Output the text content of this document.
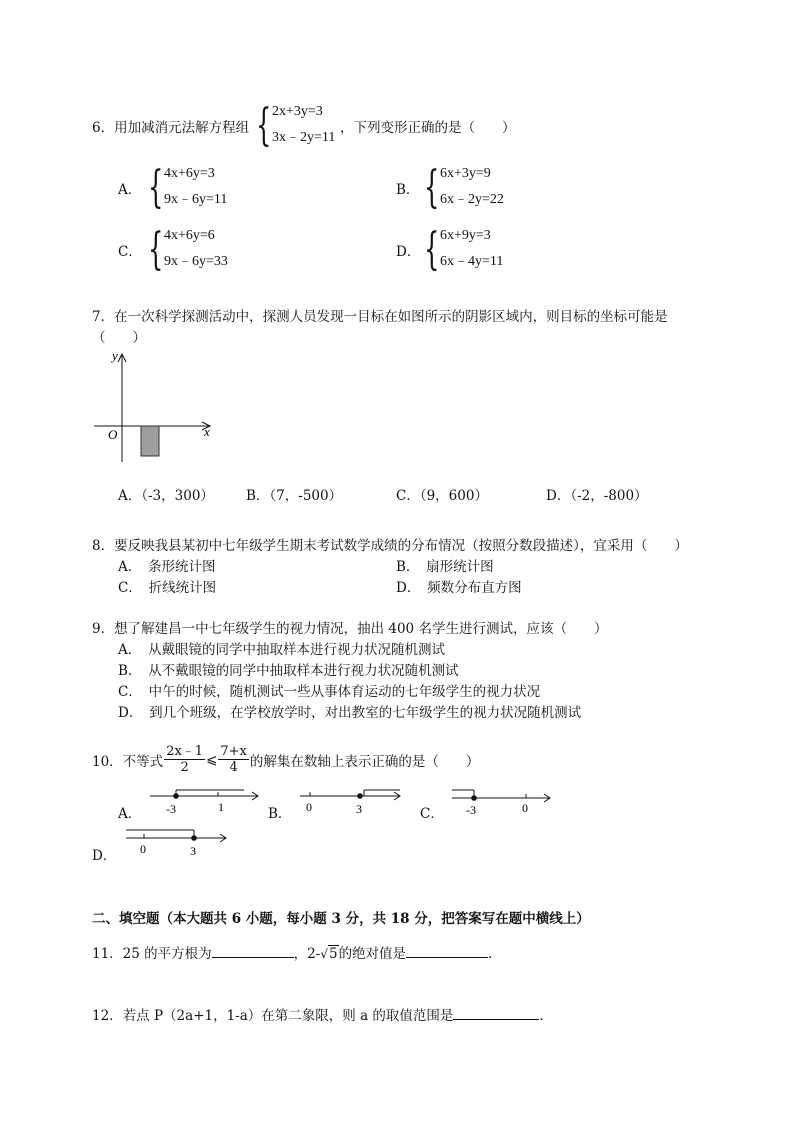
6．用加减消元法解方程组 { 2x+3y=3
3x﹣2y=11
，下列变形正确的是（　　）
A． { 4x+6y=3
9x﹣6y=11
B． { 6x+3y=9
6x﹣2y=22
C． { 4x+6y=6
9x﹣6y=33
D． { 6x+9y=3
6x﹣4y=11
7．在一次科学探测活动中，探测人员发现一目标在如图所示的阴影区域内，则目标的坐标可能是
（　　）
y
x
O
A．（-3，300） B．（7，-500）	C．（9，600）	D．（-2，-800）
8．要反映我县某初中七年级学生期末考试数学成绩的分布情况（按照分数段描述），宜采用（　　）
A．　 条形统计图	B．　 扇形统计图
C．　 折线统计图	D．　 频数分布直方图
9．想了解建昌一中七年级学生的视力情况，抽出 400 名学生进行测试，应该（　　）
A．　 从戴眼镜的同学中抽取样本进行视力状况随机测试
B．　 从不戴眼镜的同学中抽取样本进行视力状况随机测试
C．　 中午的时候，随机测试一些从事体育运动的七年级学生的视力状况
D．　 到几个班级，在学校放学时，对出教室的七年级学生的视力状况随机测试
10．不等式 $\frac{2x﹣1}{2}$ ⩽ $\frac{7+x}{4}$ 的解集在数轴上表示正确的是（　　）
A． -3	1	B． 0	3	C． -3	0
D． 0	3
二、填空题（本大题共 6 小题，每小题 3 分，共 18 分，把答案写在题中横线上）
11．25 的平方根为	，2-√5的绝对值是	．
12．若点 P（2a+1，1-a）在第二象限，则 a 的取值范围是	．
